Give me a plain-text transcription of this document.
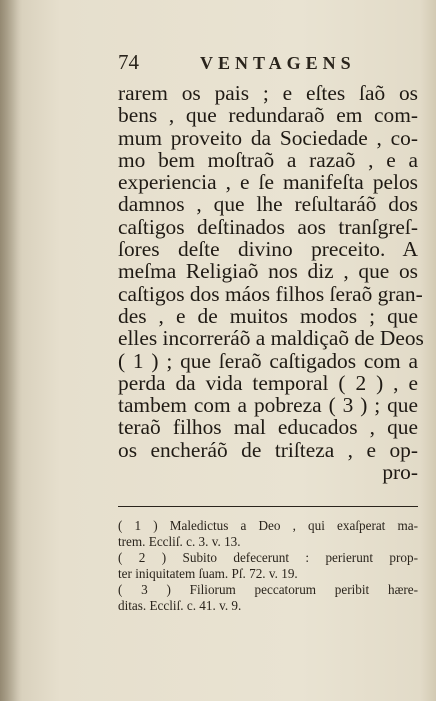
74	VENTAGENS
rarem os pais ; e eſtes ſaõ os
bens , que redundaraõ em com-
mum proveito da Sociedade , co-
mo bem moſtraõ a razaõ , e a
experiencia , e ſe manifeſta pelos
damnos , que lhe reſultaráõ dos
caſtigos deſtinados aos tranſgreſ-
ſores deſte divino preceito. A
meſma Religiaõ nos diz , que os
caſtigos dos máos filhos ſeraõ gran-
des , e de muitos modos ; que
elles incorreráõ a maldiçaõ de Deos
( 1 ) ; que ſeraõ caſtigados com a
perda da vida temporal ( 2 ) , e
tambem com a pobreza ( 3 ) ; que
teraõ filhos mal educados , que
os encheráõ de triſteza , e op-
pro-
( 1 ) Maledictus a Deo , qui exaſperat ma-
trem. Eccliſ. c. 3. v. 13.
( 2 ) Subito defecerunt : perierunt prop-
ter iniquitatem ſuam. Pſ. 72. v. 19.
( 3 ) Filiorum peccatorum peribit hære-
ditas. Eccliſ. c. 41. v. 9.
